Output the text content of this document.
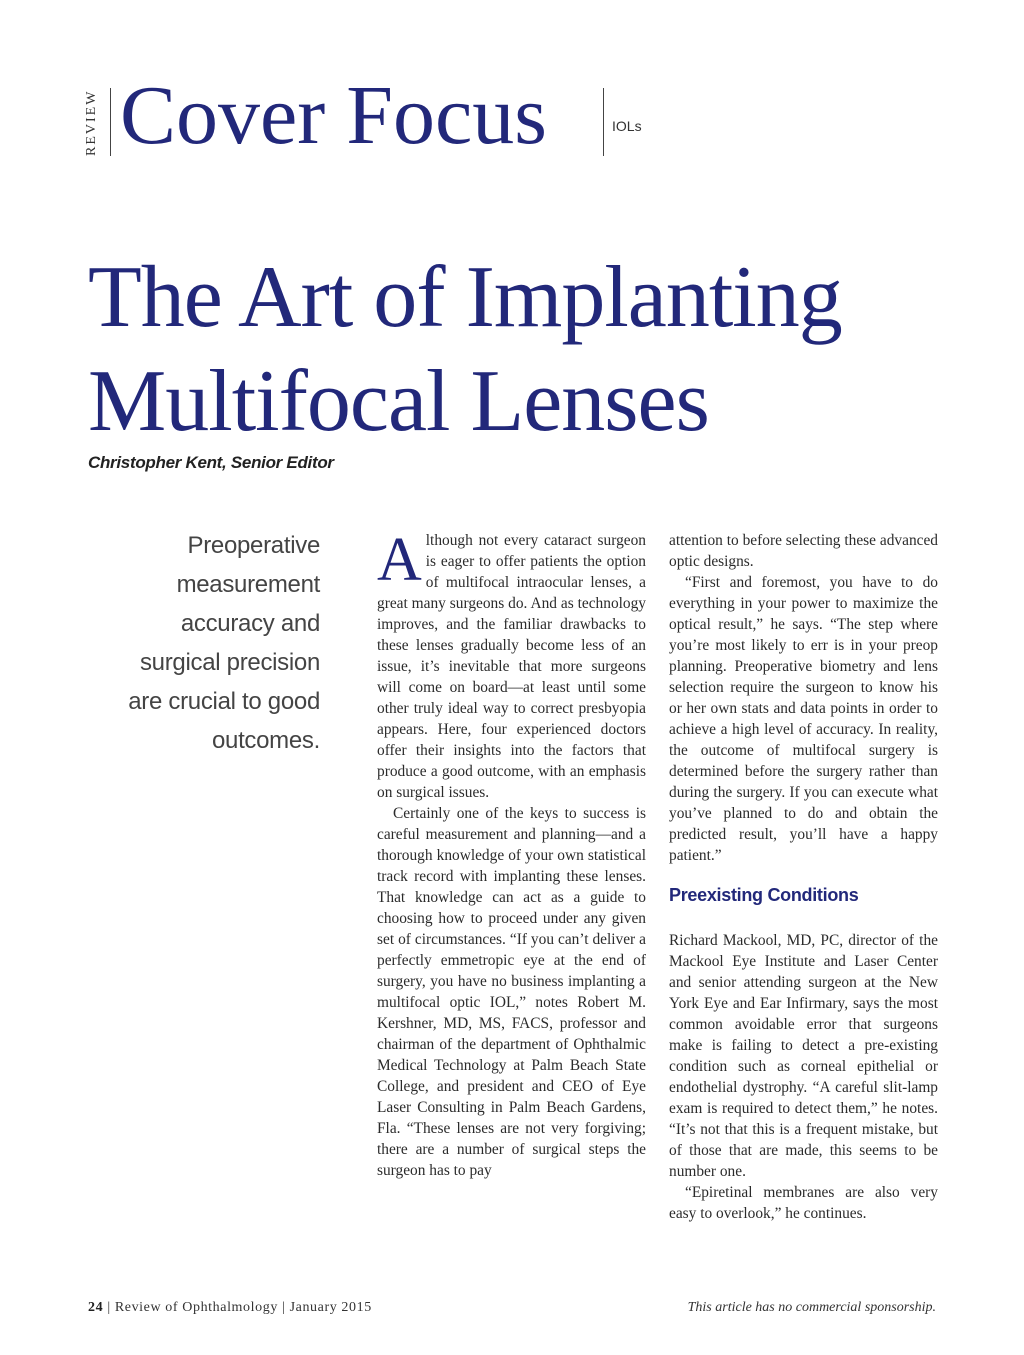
REVIEW Cover Focus	IOLs
The Art of Implanting
Multifocal Lenses
Christopher Kent, Senior Editor
Preoperative measurement accuracy and surgical precision are crucial to good outcomes.

Although not every cataract surgeon is eager to offer patients the option of multifocal intraocular lenses, a great many surgeons do. And as technology improves, and the familiar drawbacks to these lenses gradually become less of an issue, it’s inevitable that more surgeons will come on board—at least until some other truly ideal way to correct presbyopia appears. Here, four experienced doctors offer their insights into the factors that produce a good outcome, with an emphasis on surgical issues.

Certainly one of the keys to success is careful measurement and planning—and a thorough knowledge of your own statistical track record with implanting these lenses. That knowledge can act as a guide to choosing how to proceed under any given set of circumstances. “If you can’t deliver a perfectly emmetropic eye at the end of surgery, you have no business implanting a multifocal optic IOL,” notes Robert M. Kershner, MD, MS, FACS, professor and chairman of the department of Ophthalmic Medical Technology at Palm Beach State College, and president and CEO of Eye Laser Consulting in Palm Beach Gardens, Fla. “These lenses are not very forgiving; there are a number of surgical steps the surgeon has to pay

attention to before selecting these advanced optic designs.

“First and foremost, you have to do everything in your power to maximize the optical result,” he says. “The step where you’re most likely to err is in your preop planning. Preoperative biometry and lens selection require the surgeon to know his or her own stats and data points in order to achieve a high level of accuracy. In reality, the outcome of multifocal surgery is determined before the surgery rather than during the surgery. If you can execute what you’ve planned to do and obtain the predicted result, you’ll have a happy patient.”

Preexisting Conditions

Richard Mackool, MD, PC, director of the Mackool Eye Institute and Laser Center and senior attending surgeon at the New York Eye and Ear Infirmary, says the most common avoidable error that surgeons make is failing to detect a pre-existing condition such as corneal epithelial or endothelial dystrophy. “A careful slit-lamp exam is required to detect them,” he notes. “It’s not that this is a frequent mistake, but of those that are made, this seems to be number one.

“Epiretinal membranes are also very easy to overlook,” he continues.

24 | Review of Ophthalmology | January 2015	This article has no commercial sponsorship.
